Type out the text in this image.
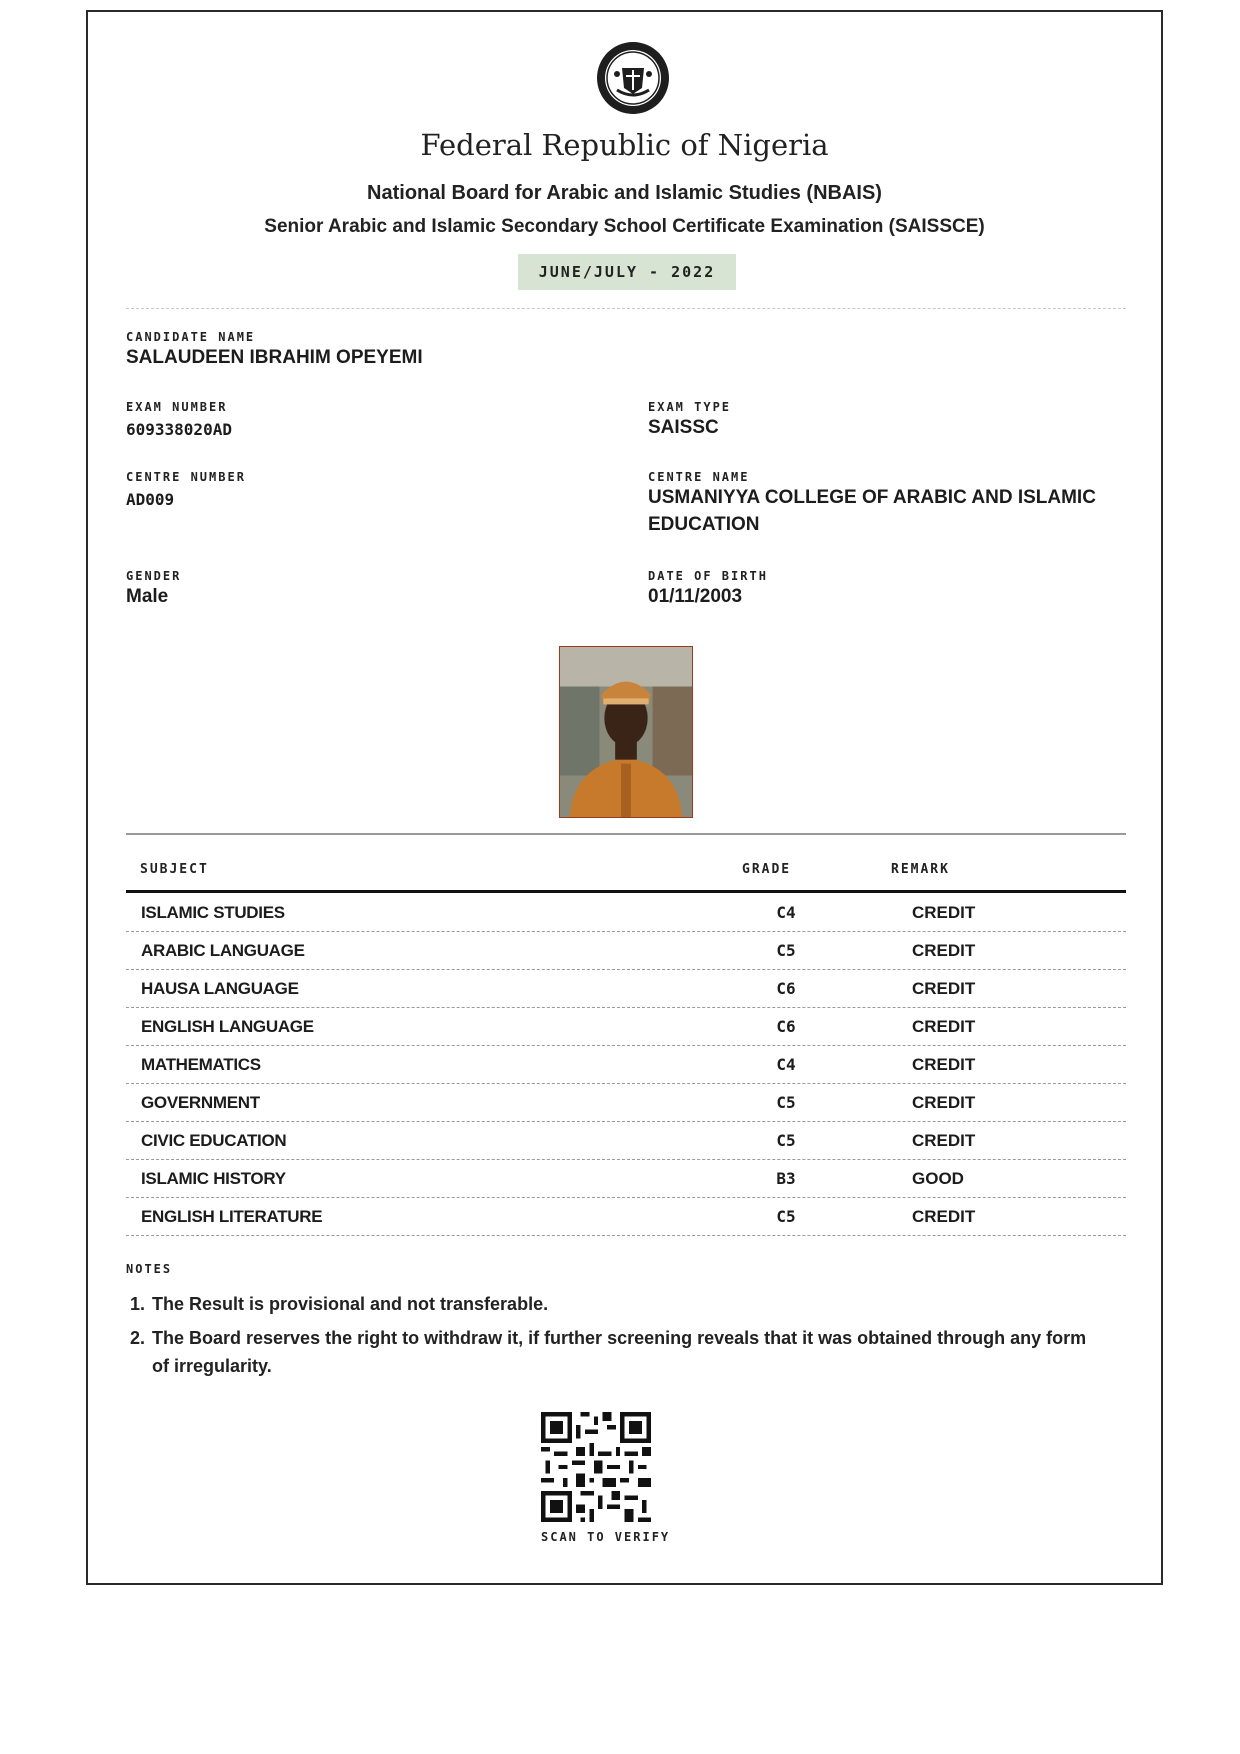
Federal Republic of Nigeria
National Board for Arabic and Islamic Studies (NBAIS)
Senior Arabic and Islamic Secondary School Certificate Examination (SAISSCE)
JUNE/JULY - 2022
CANDIDATE NAME
SALAUDEEN IBRAHIM OPEYEMI
EXAM NUMBER
609338020AD
EXAM TYPE
SAISSC
CENTRE NUMBER
AD009
CENTRE NAME
USMANIYYA COLLEGE OF ARABIC AND ISLAMIC
EDUCATION
GENDER
Male
DATE OF BIRTH
01/11/2003
SUBJECT	GRADE	REMARK
ISLAMIC STUDIES	C4	CREDIT
ARABIC LANGUAGE	C5	CREDIT
HAUSA LANGUAGE	C6	CREDIT
ENGLISH LANGUAGE	C6	CREDIT
MATHEMATICS	C4	CREDIT
GOVERNMENT	C5	CREDIT
CIVIC EDUCATION	C5	CREDIT
ISLAMIC HISTORY	B3	GOOD
ENGLISH LITERATURE	C5	CREDIT
NOTES
1. The Result is provisional and not transferable.
2. The Board reserves the right to withdraw it, if further screening reveals that it was obtained through any form of irregularity.
SCAN TO VERIFY
